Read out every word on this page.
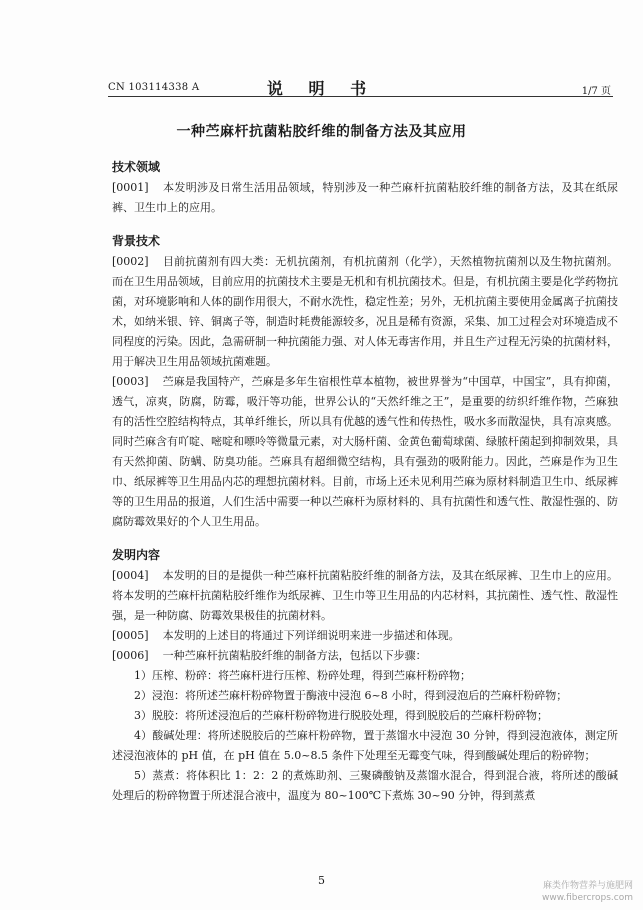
CN 103114338 A	说 明 书	1/7 页
一种苎麻杆抗菌粘胶纤维的制备方法及其应用
技术领域

[0001] 本发明涉及日常生活用品领域，特别涉及一种苎麻杆抗菌粘胶纤维的制备方法，及其在纸尿裤、卫生巾上的应用。

背景技术

[0002] 目前抗菌剂有四大类：无机抗菌剂，有机抗菌剂（化学），天然植物抗菌剂以及生物抗菌剂。而在卫生用品领域，目前应用的抗菌技术主要是无机和有机抗菌技术。但是，有机抗菌主要是化学药物抗菌，对环境影响和人体的副作用很大，不耐水洗性，稳定性差；另外，无机抗菌主要使用金属离子抗菌技术，如纳米银、锌、铜离子等，制造时耗费能源较多，况且是稀有资源，采集、加工过程会对环境造成不同程度的污染。因此，急需研制一种抗菌能力强、对人体无毒害作用，并且生产过程无污染的抗菌材料，用于解决卫生用品领域抗菌难题。

[0003] 苎麻是我国特产，苎麻是多年生宿根性草本植物，被世界誉为“中国草，中国宝”，具有抑菌，透气，凉爽，防腐，防霉，吸汗等功能，世界公认的“天然纤维之王”，是重要的纺织纤维作物，苎麻独有的活性空腔结构特点，其单纤维长，所以具有优越的透气性和传热性，吸水多而散湿快，具有凉爽感。同时苎麻含有吖啶、嘧啶和嘌呤等微量元素，对大肠杆菌、金黄色葡萄球菌、绿脓杆菌起到抑制效果，具有天然抑菌、防螨、防臭功能。苎麻具有超细微空结构，具有强劲的吸附能力。因此，苎麻是作为卫生巾、纸尿裤等卫生用品内芯的理想抗菌材料。目前，市场上还未见利用苎麻为原材料制造卫生巾、纸尿裤等的卫生用品的报道，人们生活中需要一种以苎麻杆为原材料的、具有抗菌性和透气性、散湿性强的、防腐防霉效果好的个人卫生用品。

发明内容

[0004] 本发明的目的是提供一种苎麻杆抗菌粘胶纤维的制备方法，及其在纸尿裤、卫生巾上的应用。将本发明的苎麻杆抗菌粘胶纤维作为纸尿裤、卫生巾等卫生用品的内芯材料，其抗菌性、透气性、散湿性强，是一种防腐、防霉效果极佳的抗菌材料。

[0005] 本发明的上述目的将通过下列详细说明来进一步描述和体现。

[0006] 一种苎麻杆抗菌粘胶纤维的制备方法，包括以下步骤：

1）压榨、粉碎：将苎麻杆进行压榨、粉碎处理，得到苎麻杆粉碎物；

2）浸泡：将所述苎麻杆粉碎物置于酶液中浸泡 6~8 小时，得到浸泡后的苎麻杆粉碎物；

3）脱胶：将所述浸泡后的苎麻杆粉碎物进行脱胶处理，得到脱胶后的苎麻杆粉碎物；

4）酸碱处理：将所述脱胶后的苎麻杆粉碎物，置于蒸馏水中浸泡 30 分钟，得到浸泡液体，测定所述浸泡液体的 pH 值，在 pH 值在 5.0~8.5 条件下处理至无霉变气味，得到酸碱处理后的粉碎物；

5）蒸煮：将体积比 1：2：2 的煮炼助剂、三聚磷酸钠及蒸馏水混合，得到混合液，将所述的酸碱处理后的粉碎物置于所述混合液中，温度为 80~100℃下煮炼 30~90 分钟，得到蒸煮

5	麻类作物营养与施肥网
www.fibercrops.com
